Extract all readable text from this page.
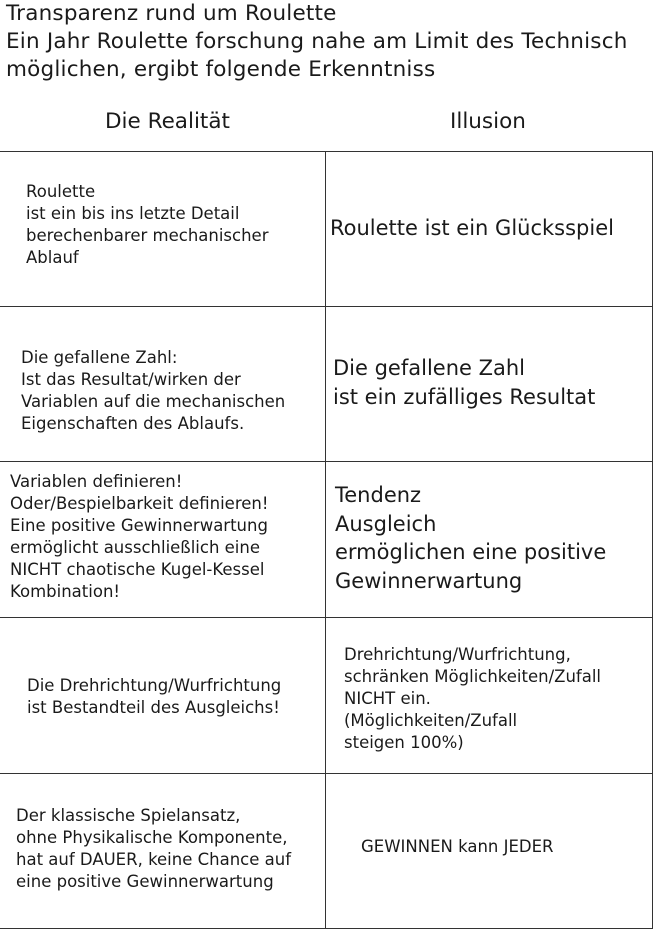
Transparenz rund um Roulette
Ein Jahr Roulette forschung nahe am Limit des Technisch
möglichen, ergibt folgende Erkenntniss
Die Realität	Illusion
Roulette
ist ein bis ins letzte Detail
berechenbarer mechanischer
Ablauf
Roulette ist ein Glücksspiel
Die gefallene Zahl:
Ist das Resultat/wirken der
Variablen auf die mechanischen
Eigenschaften des Ablaufs.
Die gefallene Zahl
ist ein zufälliges Resultat
Variablen definieren!
Oder/Bespielbarkeit definieren!
Eine positive Gewinnerwartung
ermöglicht ausschließlich eine
NICHT chaotische Kugel-Kessel
Kombination!
Tendenz
Ausgleich
ermöglichen eine positive
Gewinnerwartung
Die Drehrichtung/Wurfrichtung
ist Bestandteil des Ausgleichs!
Drehrichtung/Wurfrichtung,
schränken Möglichkeiten/Zufall
NICHT ein.
(Möglichkeiten/Zufall
steigen 100%)
Der klassische Spielansatz,
ohne Physikalische Komponente,
hat auf DAUER, keine Chance auf
eine positive Gewinnerwartung
GEWINNEN kann JEDER
